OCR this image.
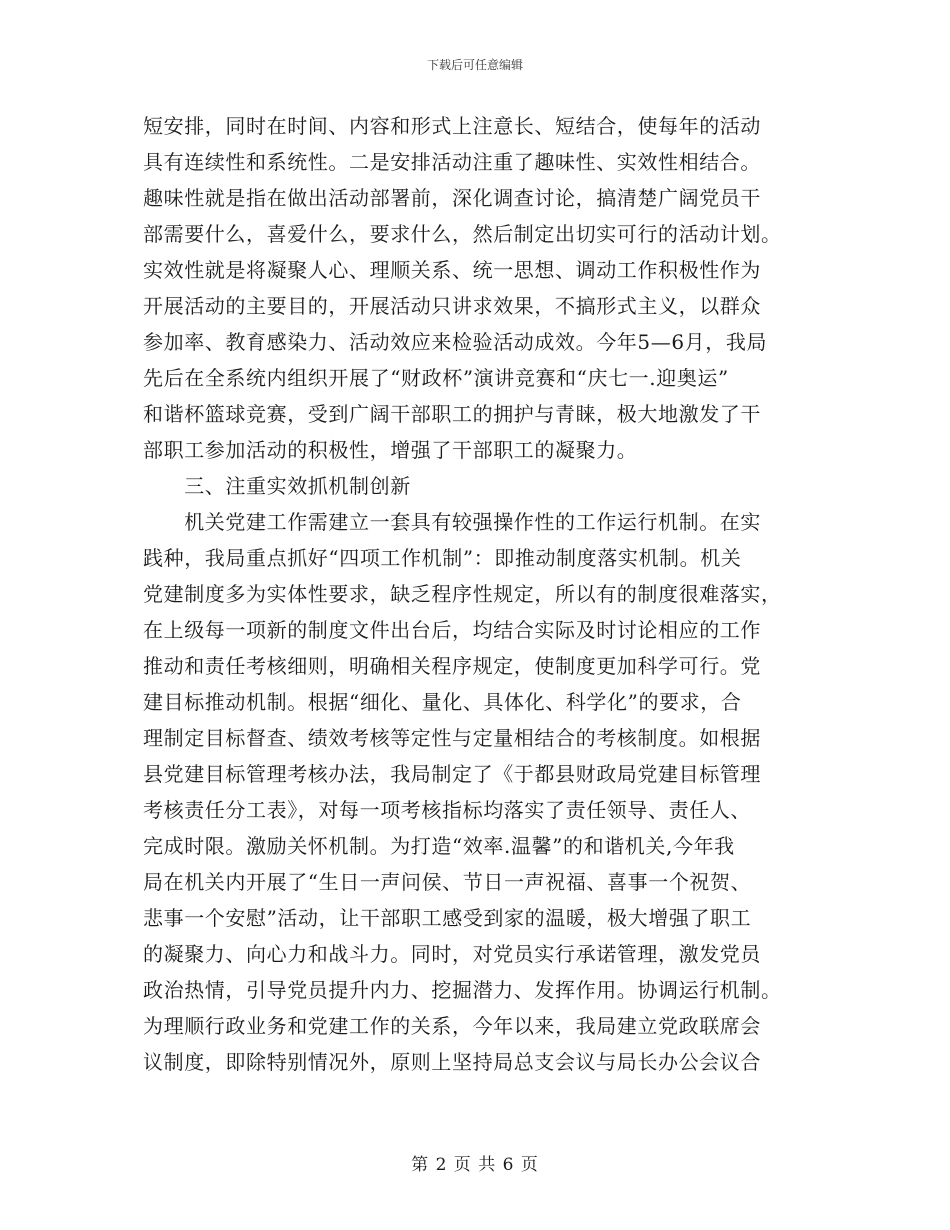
下载后可任意编辑
短安排，同时在时间、内容和形式上注意长、短结合，使每年的活动
具有连续性和系统性。二是安排活动注重了趣味性、实效性相结合。
趣味性就是指在做出活动部署前，深化调查讨论，搞清楚广阔党员干
部需要什么，喜爱什么，要求什么，然后制定出切实可行的活动计划。
实效性就是将凝聚人心、理顺关系、统一思想、调动工作积极性作为
开展活动的主要目的，开展活动只讲求效果，不搞形式主义，以群众
参加率、教育感染力、活动效应来检验活动成效。今年5—6月，我局
先后在全系统内组织开展了“财政杯”演讲竞赛和“庆七一.迎奥运”
和谐杯篮球竞赛，受到广阔干部职工的拥护与青睐，极大地激发了干
部职工参加活动的积极性，增强了干部职工的凝聚力。
　　三、注重实效抓机制创新
　　机关党建工作需建立一套具有较强操作性的工作运行机制。在实
践种，我局重点抓好“四项工作机制”：即推动制度落实机制。机关
党建制度多为实体性要求，缺乏程序性规定，所以有的制度很难落实，
在上级每一项新的制度文件出台后，均结合实际及时讨论相应的工作
推动和责任考核细则，明确相关程序规定，使制度更加科学可行。党
建目标推动机制。根据“细化、量化、具体化、科学化”的要求，合
理制定目标督查、绩效考核等定性与定量相结合的考核制度。如根据
县党建目标管理考核办法，我局制定了《于都县财政局党建目标管理
考核责任分工表》，对每一项考核指标均落实了责任领导、责任人、
完成时限。激励关怀机制。为打造“效率.温馨”的和谐机关,今年我
局在机关内开展了“生日一声问侯、节日一声祝福、喜事一个祝贺、
悲事一个安慰”活动，让干部职工感受到家的温暖，极大增强了职工
的凝聚力、向心力和战斗力。同时，对党员实行承诺管理，激发党员
政治热情，引导党员提升内力、挖掘潜力、发挥作用。协调运行机制。
为理顺行政业务和党建工作的关系，今年以来，我局建立党政联席会
议制度，即除特别情况外，原则上坚持局总支会议与局长办公会议合
第 2 页 共 6 页
